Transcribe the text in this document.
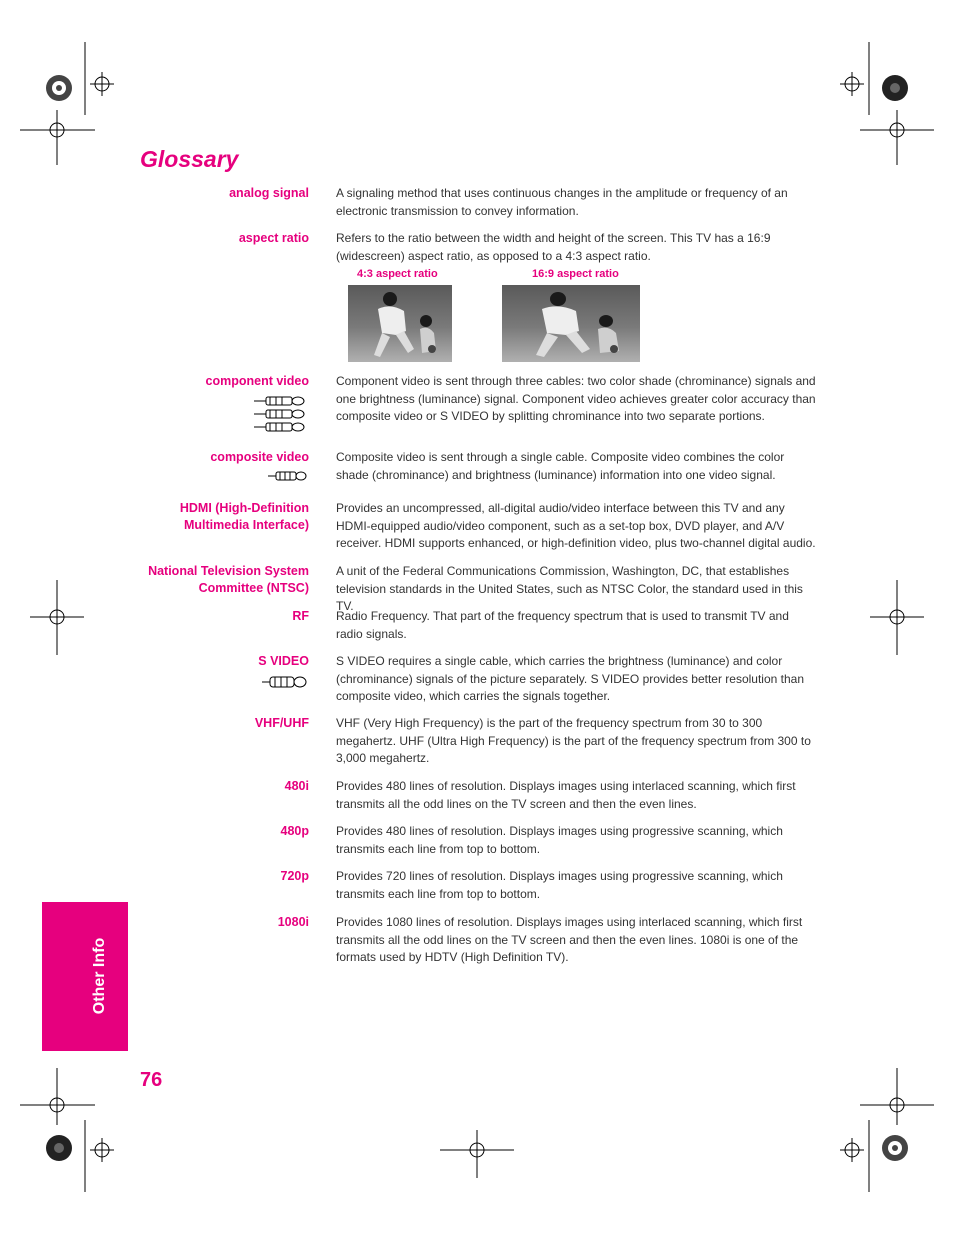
Glossary
analog signal A signaling method that uses continuous changes in the amplitude or frequency of an electronic transmission to convey information.
aspect ratio Refers to the ratio between the width and height of the screen. This TV has a 16:9 (widescreen) aspect ratio, as opposed to a 4:3 aspect ratio.
4:3 aspect ratio	16:9 aspect ratio
component video Component video is sent through three cables: two color shade (chrominance) signals and one brightness (luminance) signal. Component video achieves greater color accuracy than composite video or S VIDEO by splitting chrominance into two separate portions.
composite video Composite video is sent through a single cable. Composite video combines the color shade (chrominance) and brightness (luminance) information into one video signal.
HDMI (High-Definition
Multimedia Interface)
Provides an uncompressed, all-digital audio/video interface between this TV and any HDMI-equipped audio/video component, such as a set-top box, DVD player, and A/V receiver. HDMI supports enhanced, or high-definition video, plus two-channel digital audio.
National Television System
Committee (NTSC)
A unit of the Federal Communications Commission, Washington, DC, that establishes television standards in the United States, such as NTSC Color, the standard used in this TV.
RF Radio Frequency. That part of the frequency spectrum that is used to transmit TV and radio signals.
S VIDEO S VIDEO requires a single cable, which carries the brightness (luminance) and color (chrominance) signals of the picture separately. S VIDEO provides better resolution than composite video, which carries the signals together.
VHF/UHF VHF (Very High Frequency) is the part of the frequency spectrum from 30 to 300 megahertz. UHF (Ultra High Frequency) is the part of the frequency spectrum from 300 to 3,000 megahertz.
480i Provides 480 lines of resolution. Displays images using interlaced scanning, which first transmits all the odd lines on the TV screen and then the even lines.
480p Provides 480 lines of resolution. Displays images using progressive scanning, which transmits each line from top to bottom.
720p Provides 720 lines of resolution. Displays images using progressive scanning, which transmits each line from top to bottom.
1080i Provides 1080 lines of resolution. Displays images using interlaced scanning, which first transmits all the odd lines on the TV screen and then the even lines. 1080i is one of the formats used by HDTV (High Definition TV).
Other Info
76
